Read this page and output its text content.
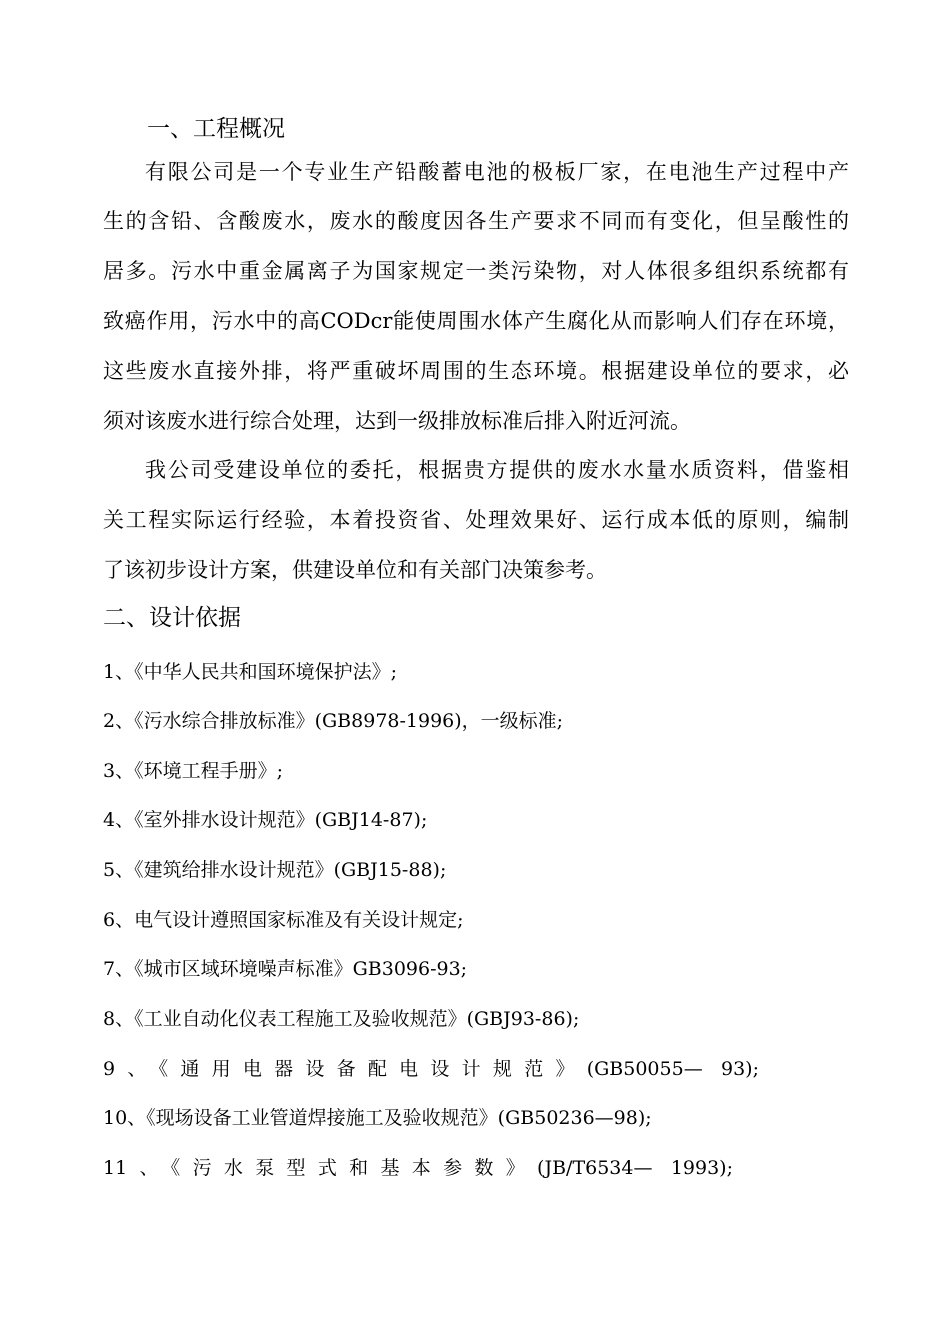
一、工程概况
有限公司是一个专业生产铅酸蓄电池的极板厂家，在电池生产过程中产
生的含铅、含酸废水，废水的酸度因各生产要求不同而有变化，但呈酸性的
居多。污水中重金属离子为国家规定一类污染物，对人体很多组织系统都有
致癌作用，污水中的高CODcr能使周围水体产生腐化从而影响人们存在环境，
这些废水直接外排，将严重破坏周围的生态环境。根据建设单位的要求，必
须对该废水进行综合处理，达到一级排放标准后排入附近河流。
我公司受建设单位的委托，根据贵方提供的废水水量水质资料，借鉴相
关工程实际运行经验，本着投资省、处理效果好、运行成本低的原则，编制
了该初步设计方案，供建设单位和有关部门决策参考。
二、设计依据
1、《中华人民共和国环境保护法》;
2、《污水综合排放标准》(GB8978-1996)，一级标准;
3、《环境工程手册》;
4、《室外排水设计规范》(GBJ14-87);
5、《建筑给排水设计规范》(GBJ15-88);
6、电气设计遵照国家标准及有关设计规定;
7、《城市区域环境噪声标准》GB3096-93;
8、《工业自动化仪表工程施工及验收规范》(GBJ93-86);
9、《通用电器设备配电设计规范》(GB50055— 93);
10、《现场设备工业管道焊接施工及验收规范》(GB50236—98);
11、《污水泵型式和基本参数》(JB/T6534— 1993);
